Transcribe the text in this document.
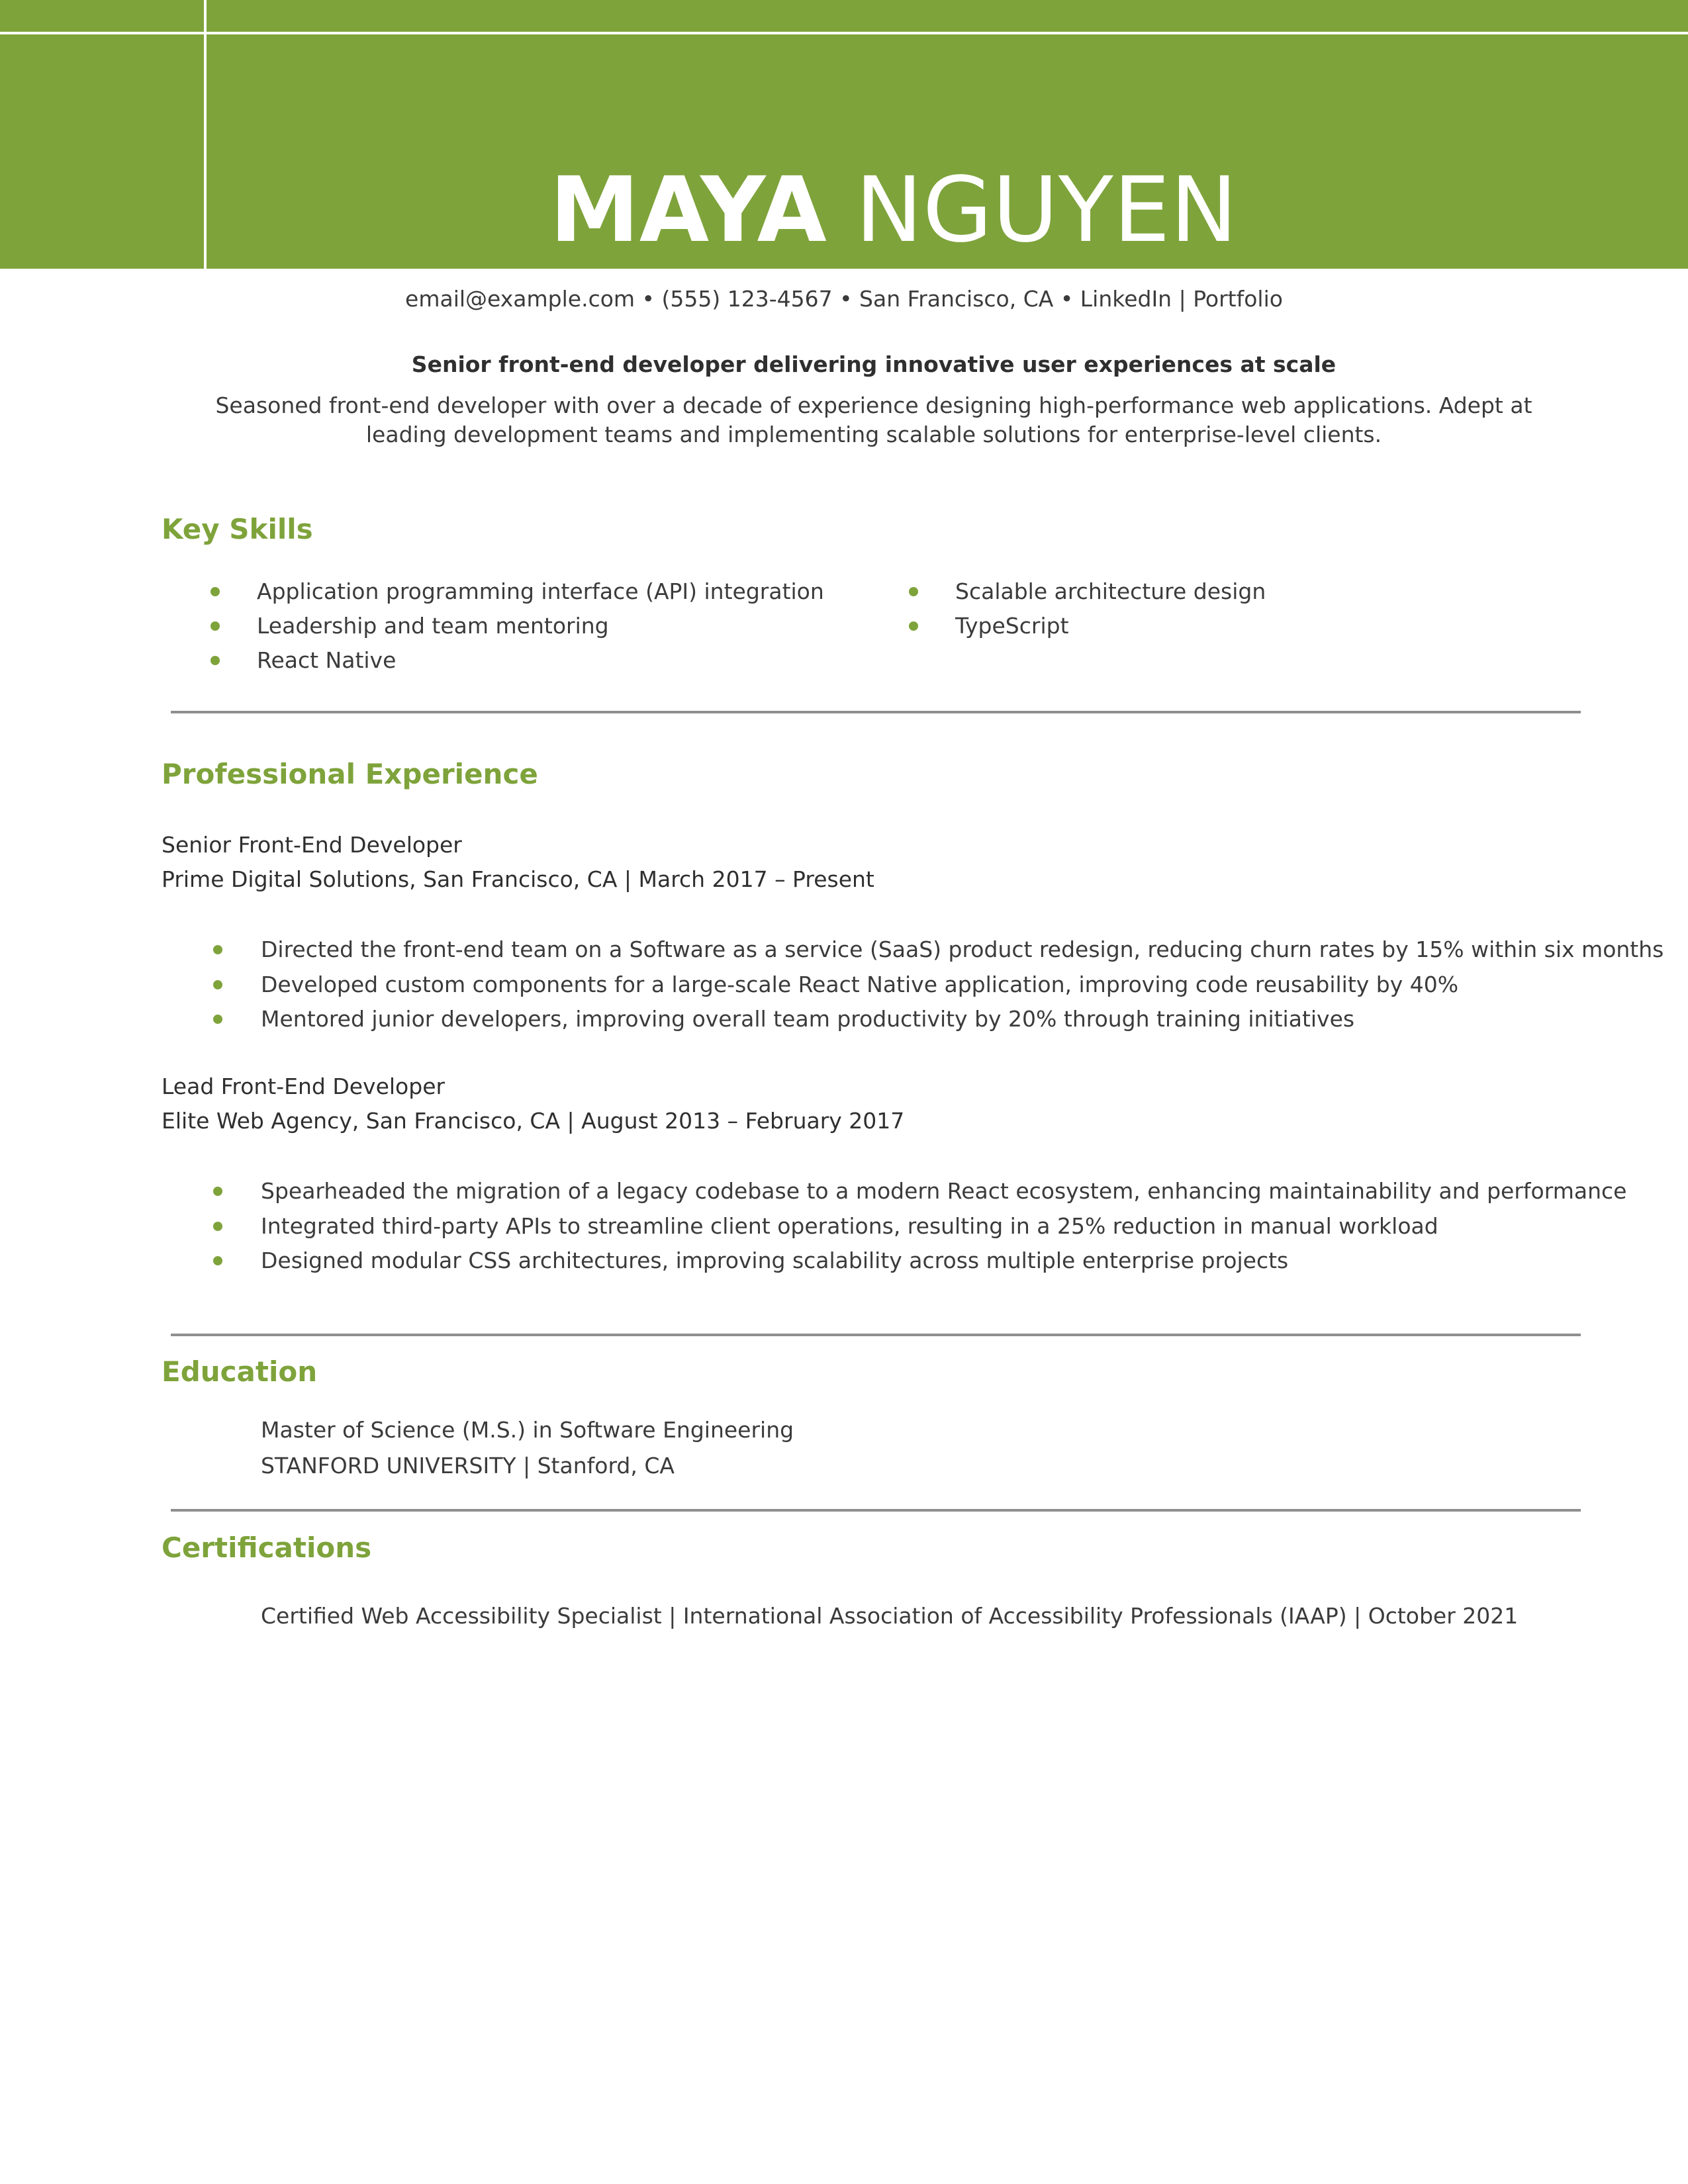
MAYA NGUYEN
email@example.com • (555) 123-4567 • San Francisco, CA • LinkedIn | Portfolio
Senior front-end developer delivering innovative user experiences at scale
Seasoned front-end developer with over a decade of experience designing high-performance web applications. Adept at leading development teams and implementing scalable solutions for enterprise-level clients.
Key Skills
Application programming interface (API) integration
Leadership and team mentoring
React Native
Scalable architecture design
TypeScript
Professional Experience
Senior Front-End Developer
Prime Digital Solutions, San Francisco, CA | March 2017 – Present
Directed the front-end team on a Software as a service (SaaS) product redesign, reducing churn rates by 15% within six months
Developed custom components for a large-scale React Native application, improving code reusability by 40%
Mentored junior developers, improving overall team productivity by 20% through training initiatives
Lead Front-End Developer
Elite Web Agency, San Francisco, CA | August 2013 – February 2017
Spearheaded the migration of a legacy codebase to a modern React ecosystem, enhancing maintainability and performance
Integrated third-party APIs to streamline client operations, resulting in a 25% reduction in manual workload
Designed modular CSS architectures, improving scalability across multiple enterprise projects
Education
Master of Science (M.S.) in Software Engineering
STANFORD UNIVERSITY | Stanford, CA
Certifications
Certified Web Accessibility Specialist | International Association of Accessibility Professionals (IAAP) | October 2021
